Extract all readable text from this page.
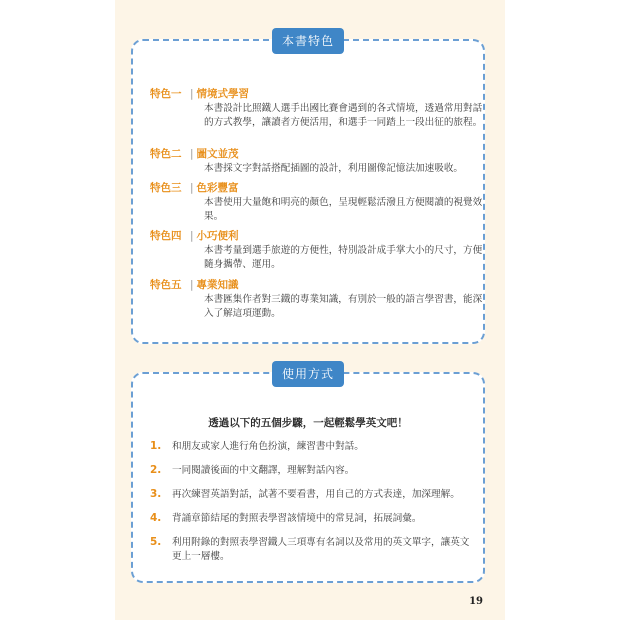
本書特色
特色一 | 情境式學習
本書設計比照鐵人選手出國比賽會遇到的各式情境，透過常用對話的方式教學，讓讀者方便活用，和選手一同踏上一段出征的旅程。
特色二 | 圖文並茂
本書採文字對話搭配插圖的設計，利用圖像記憶法加速吸收。
特色三 | 色彩豐富
本書使用大量飽和明亮的顏色，呈現輕鬆活潑且方便閱讀的視覺效果。
特色四 | 小巧便利
本書考量到選手旅遊的方便性，特別設計成手掌大小的尺寸，方便隨身攜帶、運用。
特色五 | 專業知識
本書匯集作者對三鐵的專業知識，有別於一般的語言學習書，能深入了解這項運動。
使用方式
透過以下的五個步驟，一起輕鬆學英文吧！
1. 和朋友或家人進行角色扮演，練習書中對話。
2. 一同閱讀後面的中文翻譯，理解對話內容。
3. 再次練習英語對話，試著不要看書，用自己的方式表達，加深理解。
4. 背誦章節結尾的對照表學習該情境中的常見詞，拓展詞彙。
5. 利用附錄的對照表學習鐵人三項專有名詞以及常用的英文單字，讓英文更上一層樓。
19
